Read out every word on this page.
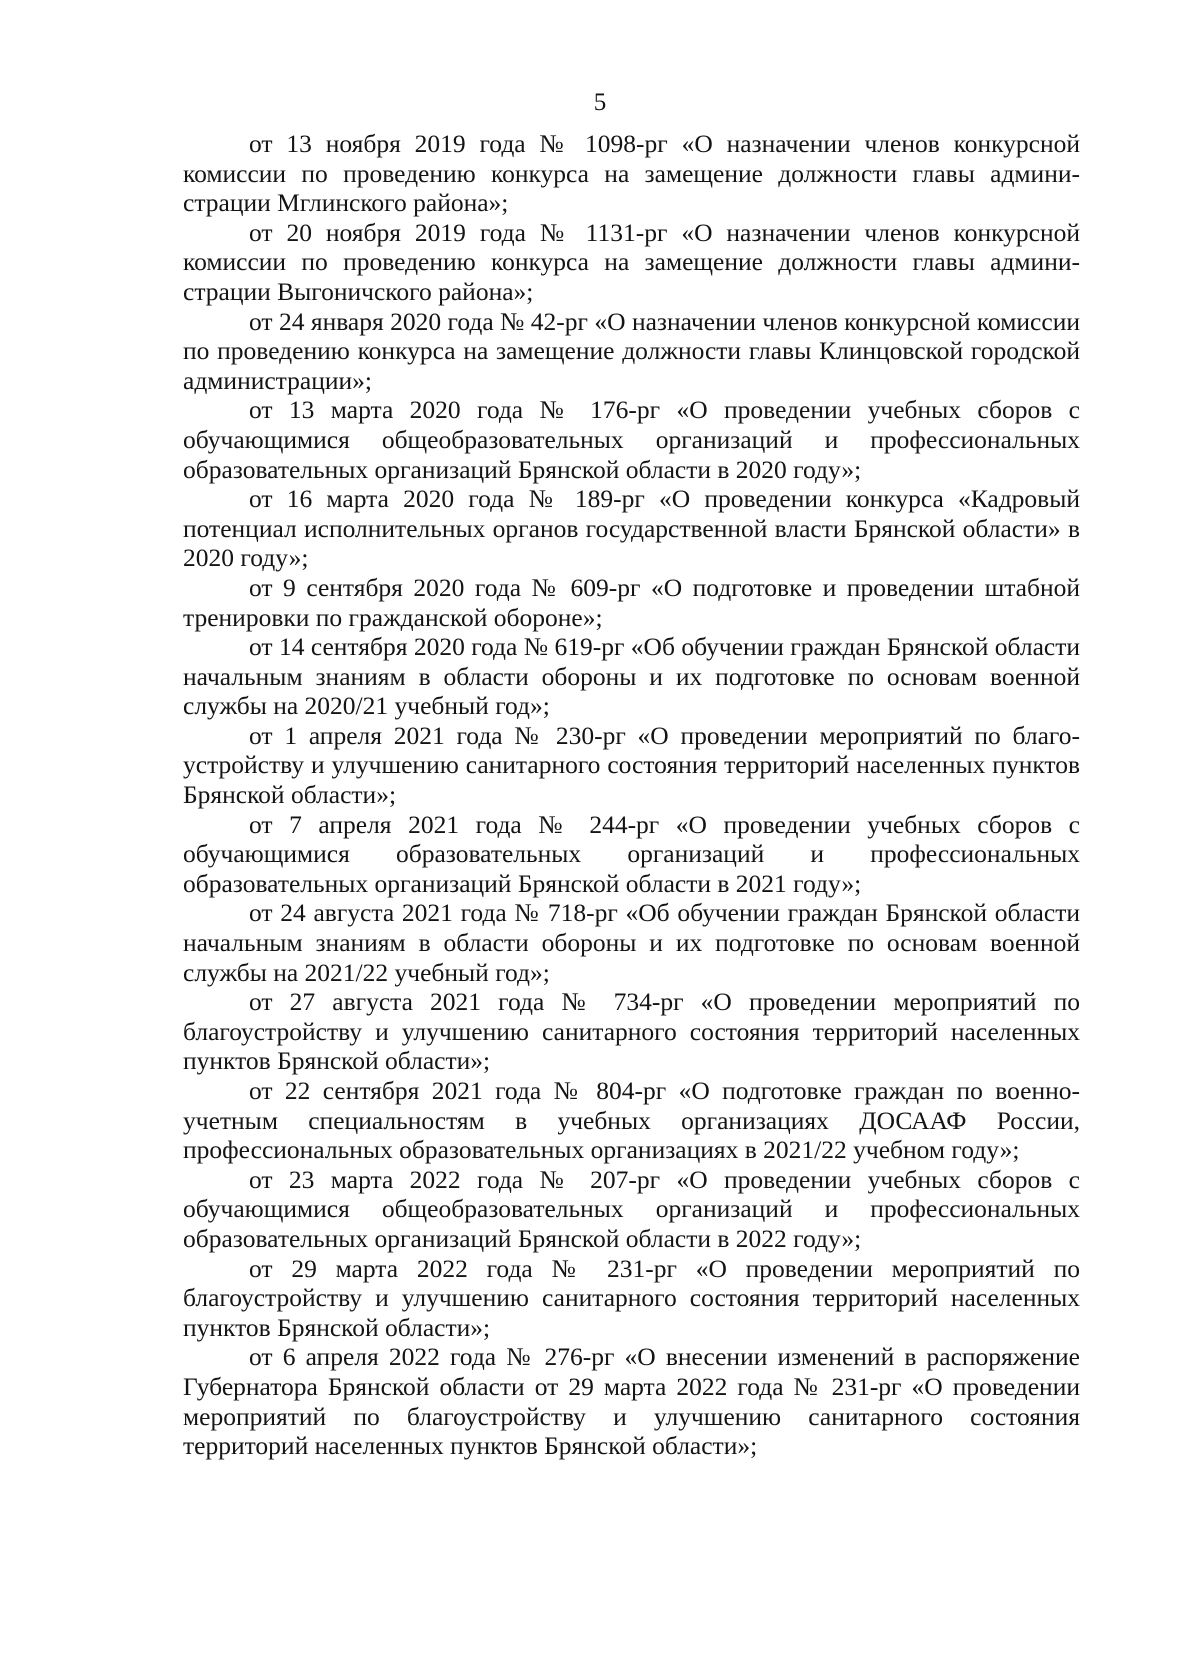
5

от 13 ноября 2019 года № 1098-рг «О назначении членов конкурсной комиссии по проведению конкурса на замещение должности главы администрации Мглинского района»;

от 20 ноября 2019 года № 1131-рг «О назначении членов конкурсной комиссии по проведению конкурса на замещение должности главы администрации Выгоничского района»;

от 24 января 2020 года № 42-рг «О назначении членов конкурсной комиссии по проведению конкурса на замещение должности главы Клинцовской городской администрации»;

от 13 марта 2020 года № 176-рг «О проведении учебных сборов с обучающимися общеобразовательных организаций и профессиональных образовательных организаций Брянской области в 2020 году»;

от 16 марта 2020 года № 189-рг «О проведении конкурса «Кадровый потенциал исполнительных органов государственной власти Брянской области» в 2020 году»;

от 9 сентября 2020 года № 609-рг «О подготовке и проведении штабной тренировки по гражданской обороне»;

от 14 сентября 2020 года № 619-рг «Об обучении граждан Брянской области начальным знаниям в области обороны и их подготовке по основам военной службы на 2020/21 учебный год»;

от 1 апреля 2021 года № 230-рг «О проведении мероприятий по благоустройству и улучшению санитарного состояния территорий населенных пунктов Брянской области»;

от 7 апреля 2021 года № 244-рг «О проведении учебных сборов с обучающимися образовательных организаций и профессиональных образовательных организаций Брянской области в 2021 году»;

от 24 августа 2021 года № 718-рг «Об обучении граждан Брянской области начальным знаниям в области обороны и их подготовке по основам военной службы на 2021/22 учебный год»;

от 27 августа 2021 года № 734-рг «О проведении мероприятий по благоустройству и улучшению санитарного состояния территорий населенных пунктов Брянской области»;

от 22 сентября 2021 года № 804-рг «О подготовке граждан по военно-учетным специальностям в учебных организациях ДОСААФ России, профессиональных образовательных организациях в 2021/22 учебном году»;

от 23 марта 2022 года № 207-рг «О проведении учебных сборов с обучающимися общеобразовательных организаций и профессиональных образовательных организаций Брянской области в 2022 году»;

от 29 марта 2022 года № 231-рг «О проведении мероприятий по благоустройству и улучшению санитарного состояния территорий населенных пунктов Брянской области»;

от 6 апреля 2022 года № 276-рг «О внесении изменений в распоряжение Губернатора Брянской области от 29 марта 2022 года № 231-рг «О проведении мероприятий по благоустройству и улучшению санитарного состояния территорий населенных пунктов Брянской области»;
